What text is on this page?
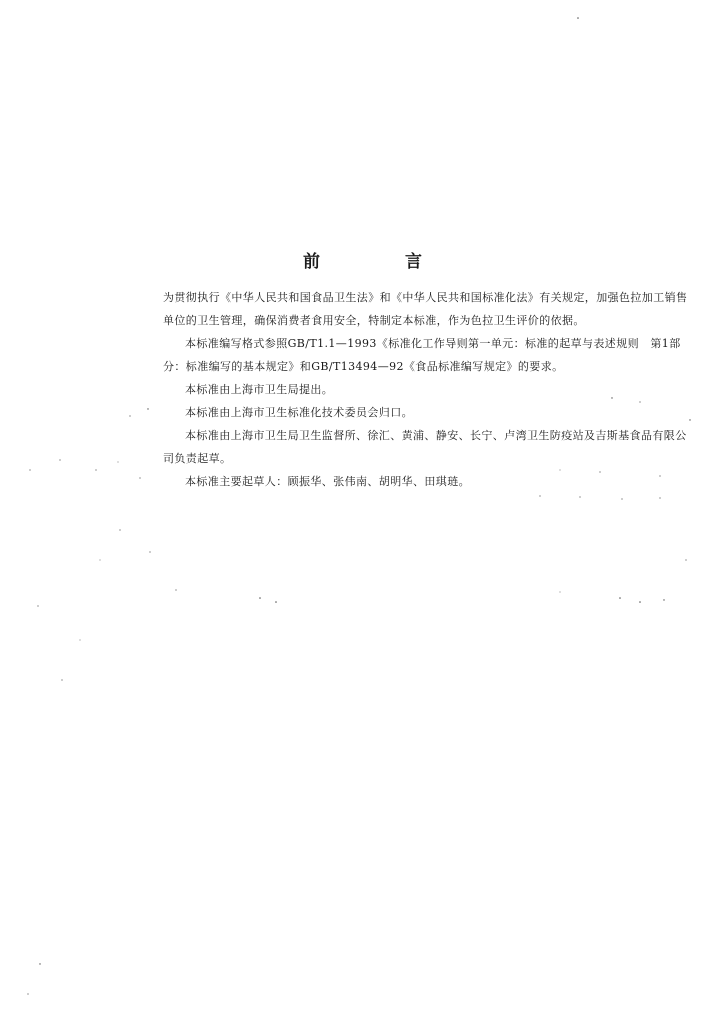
前　言

为贯彻执行《中华人民共和国食品卫生法》和《中华人民共和国标准化法》有关规定，加强色拉加工销售单位的卫生管理，确保消费者食用安全，特制定本标准，作为色拉卫生评价的依据。

本标准编写格式参照GB/T1.1—1993《标准化工作导则第一单元：标准的起草与表述规则　第1部分：标准编写的基本规定》和GB/T13494—92《食品标准编写规定》的要求。

本标准由上海市卫生局提出。

本标准由上海市卫生标准化技术委员会归口。

本标准由上海市卫生局卫生监督所、徐汇、黄浦、静安、长宁、卢湾卫生防疫站及吉斯基食品有限公司负责起草。

本标准主要起草人：顾振华、张伟南、胡明华、田琪琏。
